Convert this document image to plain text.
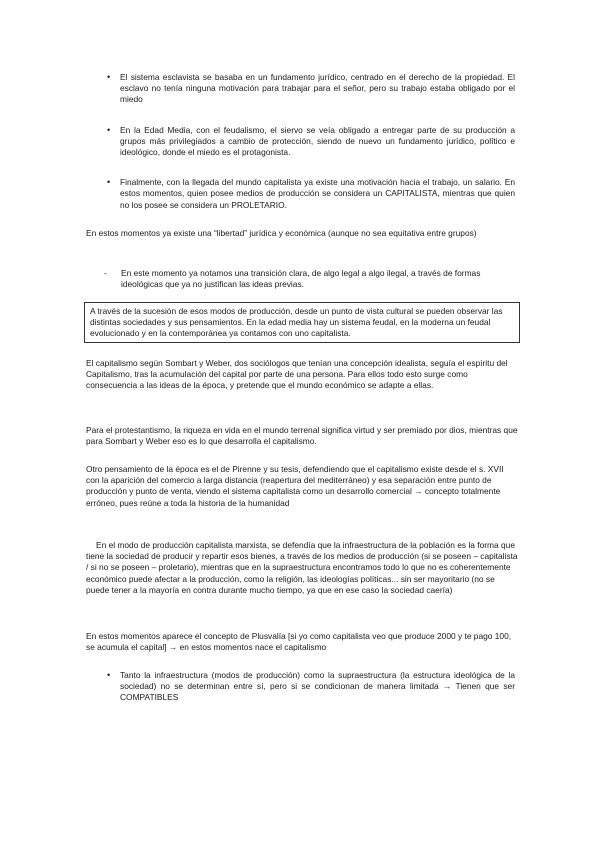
•	El sistema esclavista se basaba en un fundamento jurídico, centrado en el derecho de la propiedad. El esclavo no tenía ninguna motivación para trabajar para el señor, pero su trabajo estaba obligado por el miedo
•	En la Edad Media, con el feudalismo, el siervo se veía obligado a entregar parte de su producción a grupos más privilegiados a cambio de protección, siendo de nuevo un fundamento jurídico, político e ideológico, donde el miedo es el protagonista.
•	Finalmente, con la llegada del mundo capitalista ya existe una motivación hacia el trabajo, un salario. En estos momentos, quien posee medios de producción se considera un CAPITALISTA, mientras que quien no los posee se considera un PROLETARIO.

En estos momentos ya existe una “libertad” jurídica y económica (aunque no sea equitativa entre grupos)

-	En este momento ya notamos una transición clara, de algo legal a algo ilegal, a través de formas ideológicas que ya no justifican las ideas previas.

A través de la sucesión de esos modos de producción, desde un punto de vista cultural se pueden observar las distintas sociedades y sus pensamientos. En la edad media hay un sistema feudal, en la moderna un feudal evolucionado y en la contemporánea ya contamos con uno capitalista.

El capitalismo según Sombart y Weber, dos sociólogos que tenían una concepción idealista, seguía el espíritu del Capitalismo, tras la acumulación del capital por parte de una persona. Para ellos todo esto surge como consecuencia a las ideas de la época, y pretende que el mundo económico se adapte a ellas.

Para el protestantismo, la riqueza en vida en el mundo terrenal significa virtud y ser premiado por dios, mientras que para Sombart y Weber eso es lo que desarrolla el capitalismo.

Otro pensamiento de la época es el de Pirenne y su tesis, defendiendo que el capitalismo existe desde el s. XVII con la aparición del comercio a larga distancia (reapertura del mediterráneo) y esa separación entre punto de producción y punto de venta, viendo el sistema capitalista como un desarrollo comercial → concepto totalmente erróneo, pues reúne a toda la historia de la humanidad

En el modo de producción capitalista marxista, se defendía que la infraestructura de la población es la forma que tiene la sociedad de producir y repartir esos bienes, a través de los medios de producción (si se poseen – capitalista / si no se poseen – proletario), mientras que en la supraestructura encontramos todo lo que no es coherentemente económico puede afectar a la producción, como la religión, las ideologías políticas... sin ser mayoritario (no se puede tener a la mayoría en contra durante mucho tiempo, ya que en ese caso la sociedad caería)

En estos momentos aparece el concepto de Plusvalía [si yo como capitalista veo que produce 2000 y te pago 100, se acumula el capital] → en estos momentos nace el capitalismo

•	Tanto la infraestructura (modos de producción) como la supraestructura (la estructura ideológica de la sociedad) no se determinan entre sí, pero si se condicionan de manera limitada → Tienen que ser COMPATIBLES
